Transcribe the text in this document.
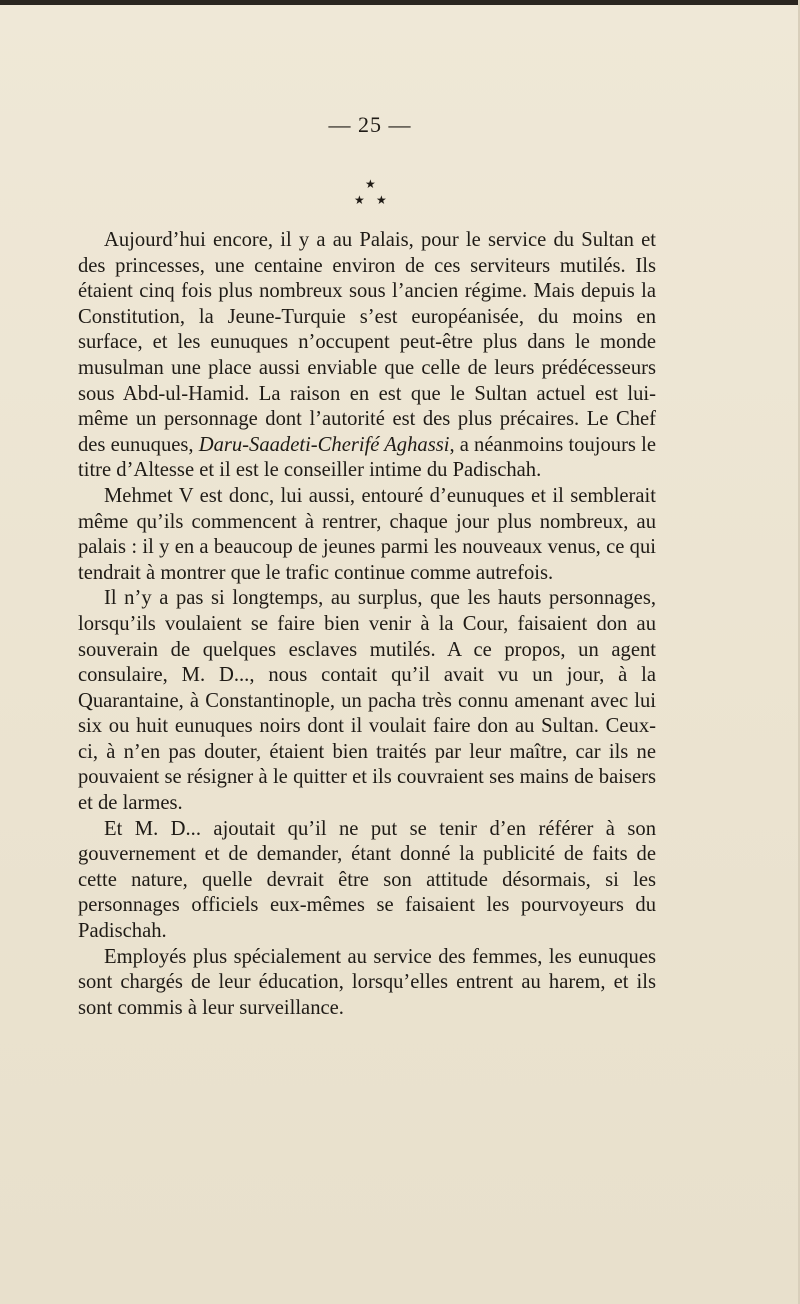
— 25 —
★
★ ★

Aujourd’hui encore, il y a au Palais, pour le service du Sultan et des princesses, une centaine environ de ces serviteurs mutilés. Ils étaient cinq fois plus nombreux sous l’ancien régime. Mais depuis la Constitution, la Jeune-Turquie s’est européanisée, du moins en surface, et les eunuques n’occupent peut-être plus dans le monde musulman une place aussi enviable que celle de leurs prédécesseurs sous Abd-ul-Hamid. La raison en est que le Sultan actuel est lui-même un personnage dont l’autorité est des plus précaires. Le Chef des eunuques, Daru-Saadeti-Cherifé Aghassi, a néanmoins toujours le titre d’Altesse et il est le conseiller intime du Padischah.

Mehmet V est donc, lui aussi, entouré d’eunuques et il semblerait même qu’ils commencent à rentrer, chaque jour plus nombreux, au palais : il y en a beaucoup de jeunes parmi les nouveaux venus, ce qui tendrait à montrer que le trafic continue comme autrefois.

Il n’y a pas si longtemps, au surplus, que les hauts personnages, lorsqu’ils voulaient se faire bien venir à la Cour, faisaient don au souverain de quelques esclaves mutilés. A ce propos, un agent consulaire, M. D..., nous contait qu’il avait vu un jour, à la Quarantaine, à Constantinople, un pacha très connu amenant avec lui six ou huit eunuques noirs dont il voulait faire don au Sultan. Ceux-ci, à n’en pas douter, étaient bien traités par leur maître, car ils ne pouvaient se résigner à le quitter et ils couvraient ses mains de baisers et de larmes.

Et M. D... ajoutait qu’il ne put se tenir d’en référer à son gouvernement et de demander, étant donné la publicité de faits de cette nature, quelle devrait être son attitude désormais, si les personnages officiels eux-mêmes se faisaient les pourvoyeurs du Padischah.

Employés plus spécialement au service des femmes, les eunuques sont chargés de leur éducation, lorsqu’elles entrent au harem, et ils sont commis à leur surveillance.
